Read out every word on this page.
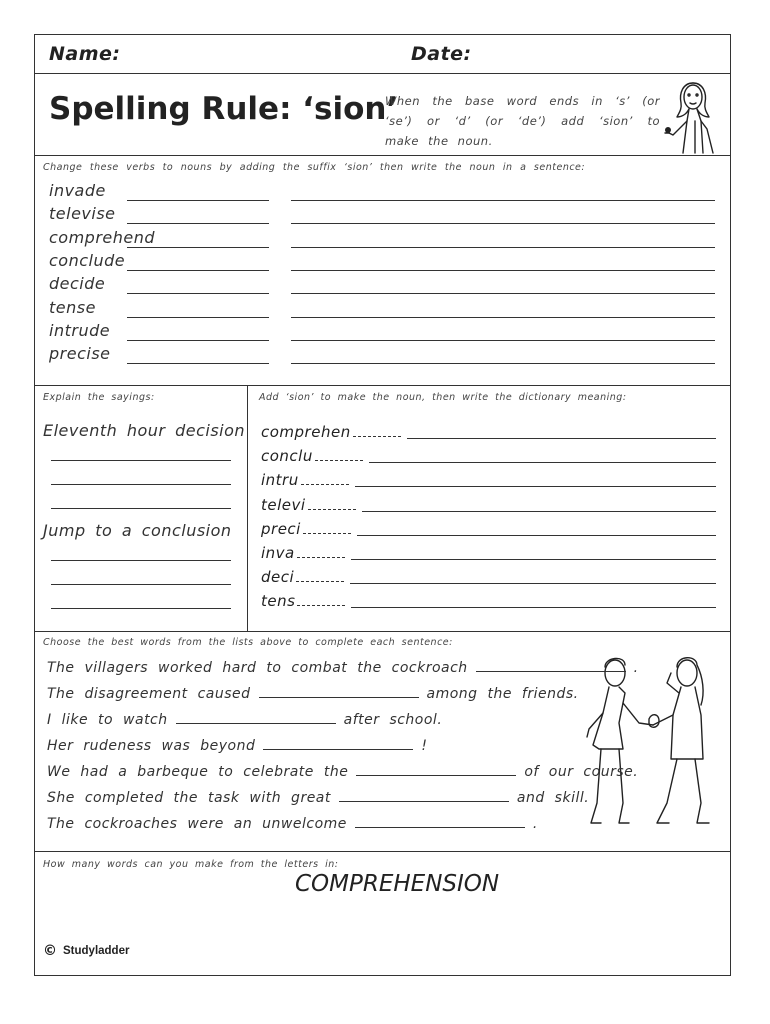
Name:	Date:
Spelling Rule: ‘sion’
When the base word ends in ‘s’ (or ‘se’) or ‘d’ (or ‘de’) add ‘sion’ to make the noun.
Change these verbs to nouns by adding the suffix ‘sion’ then write the noun in a sentence:
Explain the sayings:
Eleventh hour decision
Jump to a conclusion
Add ‘sion’ to make the noun, then write the dictionary meaning:
Choose the best words from the lists above to complete each sentence:
How many words can you make from the letters in:
COMPREHENSION
© Studyladder
invade
televise
comprehend
conclude
decide
tense
intrude
precise
comprehen
conclu
intru
televi
preci
inva
deci
tens
The villagers worked hard to combat the cockroach	.
The disagreement caused	among the friends.
I like to watch	after school.
Her rudeness was beyond	!
We had a barbeque to celebrate the	of our course.
She completed the task with great	and skill.
The cockroaches were an unwelcome	.
